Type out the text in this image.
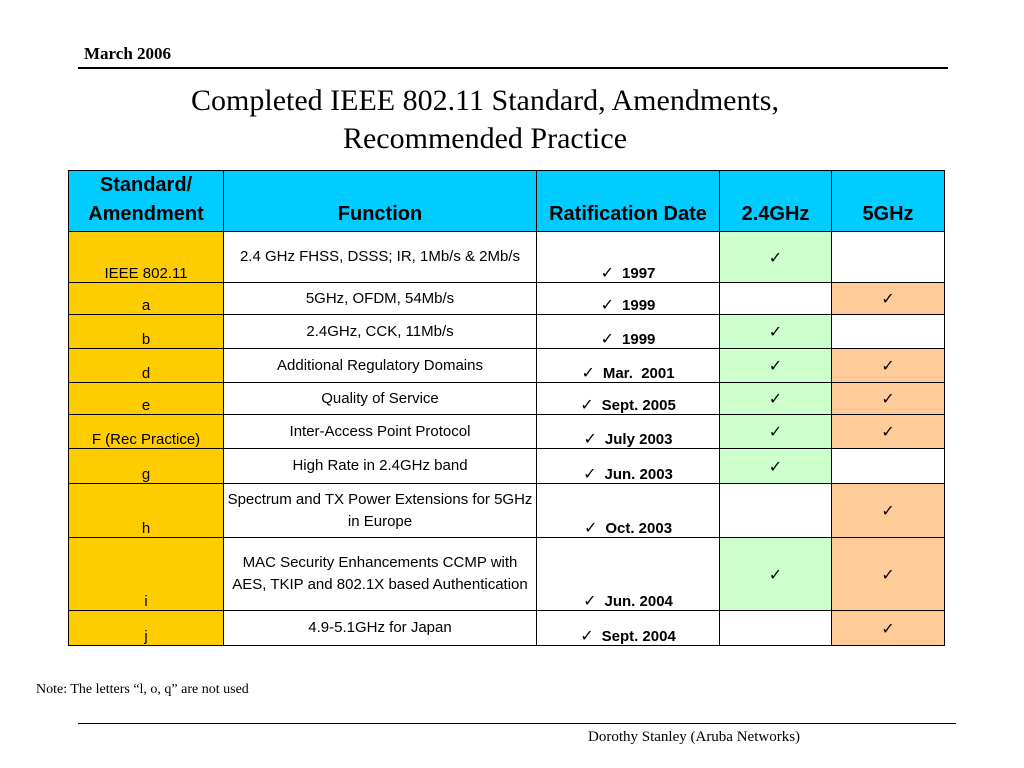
March 2006
Completed IEEE 802.11 Standard, Amendments,
Recommended Practice
Standard/ Amendment	Function	Ratification Date	2.4GHz	5GHz
IEEE 802.11	2.4 GHz FHSS, DSSS; IR, 1Mb/s & 2Mb/s	✓ 1997	✓	
a	5GHz, OFDM, 54Mb/s	✓ 1999		✓
b	2.4GHz, CCK, 11Mb/s	✓ 1999	✓	
d	Additional Regulatory Domains	✓ Mar.  2001	✓	✓
e	Quality of Service	✓ Sept. 2005	✓	✓
F (Rec Practice)	Inter-Access Point Protocol	✓ July 2003	✓	✓
g	High Rate in 2.4GHz band	✓ Jun. 2003	✓	
h	Spectrum and TX Power Extensions for 5GHz in Europe	✓ Oct. 2003		✓
i	MAC Security Enhancements CCMP with AES, TKIP and 802.1X based Authentication	✓ Jun. 2004	✓	✓
j	4.9-5.1GHz for Japan	✓ Sept. 2004		✓
Note: The letters “l, o, q” are not used
Dorothy Stanley (Aruba Networks)
